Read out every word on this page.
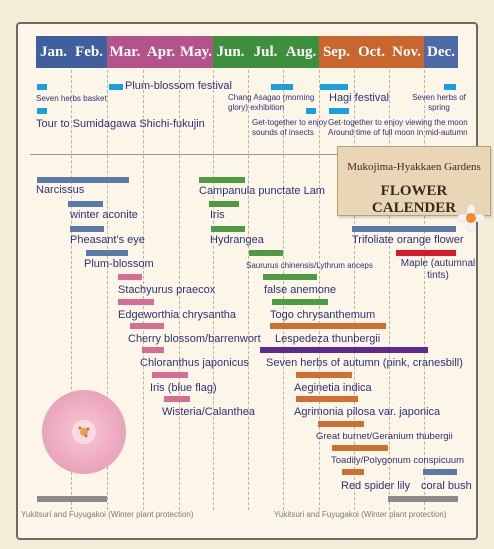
Jan. Feb. Mar. Apr. May. Jun. Jul. Aug. Sep. Oct. Nov. Dec.
Plum-blossom festival
Seven herbs basket
Tour to Sumidagawa Shichi-fukujin
Chang Asagao (morning glory) exhibition
Get-together to enjoy sounds of insects
Hagi festival	Seven herbs of spring
Get-together to enjoy viewing the moon Around time of full moon in mid-autumn
Mukojima-Hyakkaen Gardens
FLOWER CALENDER
Narcissus
winter aconite
Pheasant's eye
Plum-blossom
Stachyurus praecox
Edgeworthia chrysantha
Cherry blossom/barrenwort
Chloranthus japonicus
Iris (blue flag)
Wisteria/Calanthea
Campanula punctate Lam
Iris
Hydrangea
Saururus chinensis/Lythrum anceps
false anemone
Togo chrysanthemum
Lespedeza thunbergii
Seven herbs of autumn (pink, cranesbill)
Aeginetia indica
Agrimonia pilosa var. japonica
Great burnet/Geranium thubergii
Toadily/Polygonum conspicuum
Red spider lily coral bush
Trifoliate orange flower
Maple (autumnal tints)
Yukitsuri and Fuyugakoi (Winter plant protection)	Yukitsuri and Fuyugakoi (Winter plant protection)
